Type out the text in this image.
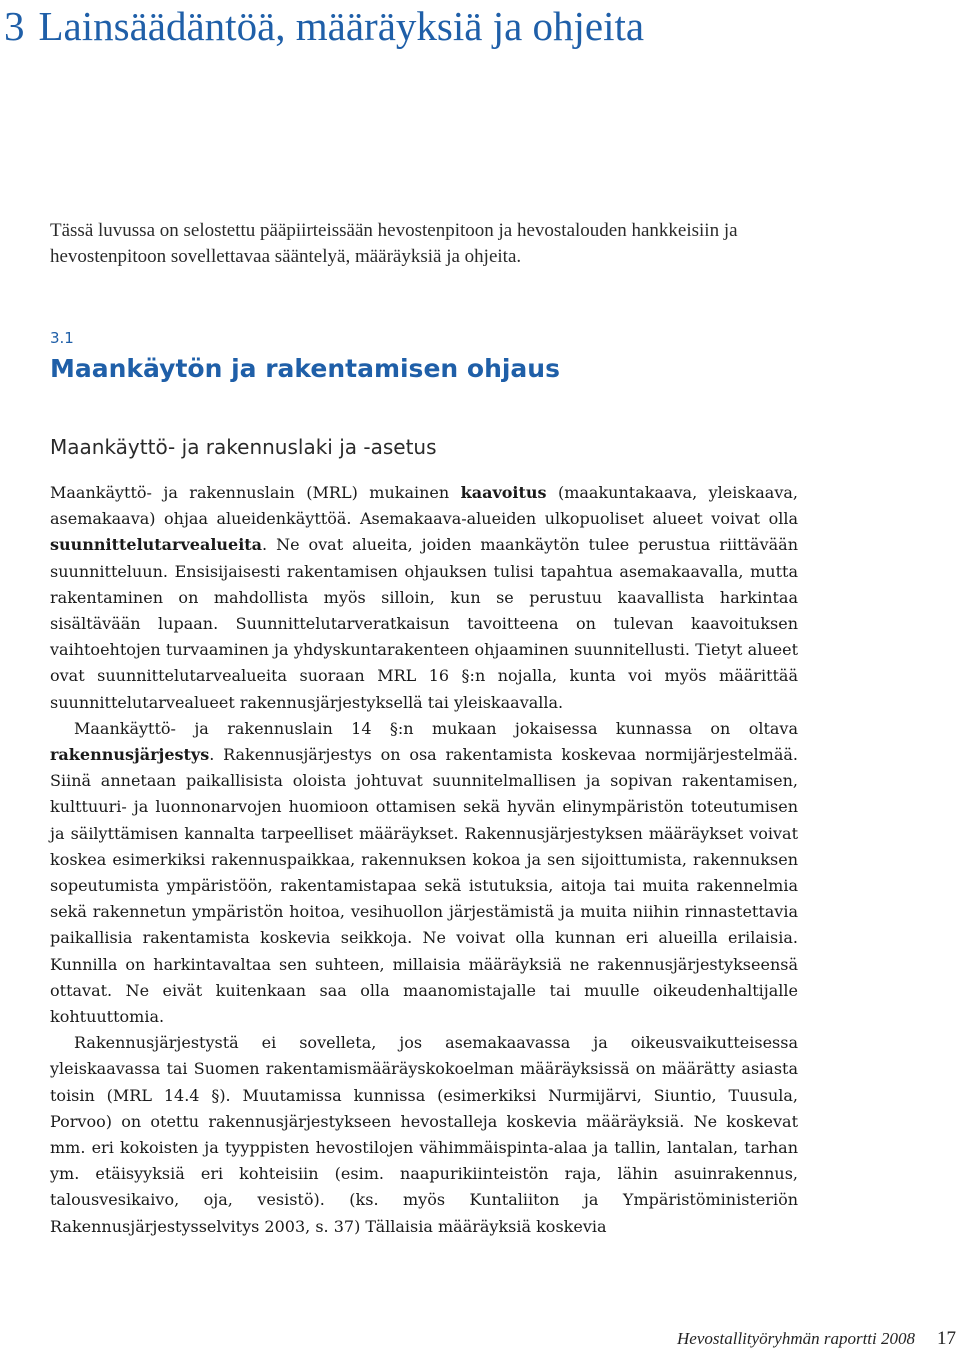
3 Lainsäädäntöä, määräyksiä ja ohjeita

Tässä luvussa on selostettu pääpiirteissään hevostenpitoon ja hevostalouden hankkeisiin ja hevostenpitoon sovellettavaa sääntelyä, määräyksiä ja ohjeita.

3.1
Maankäytön ja rakentamisen ohjaus
Maankäyttö- ja rakennuslaki ja -asetus

Maankäyttö- ja rakennuslain (MRL) mukainen kaavoitus (maakuntakaava, yleiskaava, asemakaava) ohjaa alueidenkäyttöä. Asemakaava-alueiden ulkopuoliset alueet voivat olla suunnittelutarvealueita. Ne ovat alueita, joiden maankäytön tulee perustua riittävään suunnitteluun. Ensisijaisesti rakentamisen ohjauksen tulisi tapahtua asemakaavalla, mutta rakentaminen on mahdollista myös silloin, kun se perustuu kaavallista harkintaa sisältävään lupaan. Suunnittelutarveratkaisun tavoitteena on tulevan kaavoituksen vaihtoehtojen turvaaminen ja yhdyskuntarakenteen ohjaaminen suunnitellusti. Tietyt alueet ovat suunnittelutarvealueita suoraan MRL 16 §:n nojalla, kunta voi myös määrittää suunnittelutarvealueet rakennusjärjestyksellä tai yleiskaavalla.

Maankäyttö- ja rakennuslain 14 §:n mukaan jokaisessa kunnassa on oltava rakennusjärjestys. Rakennusjärjestys on osa rakentamista koskevaa normijärjestelmää. Siinä annetaan paikallisista oloista johtuvat suunnitelmallisen ja sopivan rakentamisen, kulttuuri- ja luonnonarvojen huomioon ottamisen sekä hyvän elinympäristön toteutumisen ja säilyttämisen kannalta tarpeelliset määräykset. Rakennusjärjestyksen määräykset voivat koskea esimerkiksi rakennuspaikkaa, rakennuksen kokoa ja sen sijoittumista, rakennuksen sopeutumista ympäristöön, rakentamistapaa sekä istutuksia, aitoja tai muita rakennelmia sekä rakennetun ympäristön hoitoa, vesihuollon järjestämistä ja muita niihin rinnastettavia paikallisia rakentamista koskevia seikkoja. Ne voivat olla kunnan eri alueilla erilaisia. Kunnilla on harkintavaltaa sen suhteen, millaisia määräyksiä ne rakennusjärjestykseensä ottavat. Ne eivät kuitenkaan saa olla maanomistajalle tai muulle oikeudenhaltijalle kohtuuttomia.

Rakennusjärjestystä ei sovelleta, jos asemakaavassa ja oikeusvaikutteisessa yleiskaavassa tai Suomen rakentamismääräyskokoelman määräyksissä on määrätty asiasta toisin (MRL 14.4 §). Muutamissa kunnissa (esimerkiksi Nurmijärvi, Siuntio, Tuusula, Porvoo) on otettu rakennusjärjestykseen hevostalleja koskevia määräyksiä. Ne koskevat mm. eri kokoisten ja tyyppisten hevostilojen vähimmäispinta-alaa ja tallin, lantalan, tarhan ym. etäisyyksiä eri kohteisiin (esim. naapurikiinteistön raja, lähin asuinrakennus, talousvesikaivo, oja, vesistö). (ks. myös Kuntaliiton ja Ympäristöministeriön Rakennusjärjestysselvitys 2003, s. 37) Tällaisia määräyksiä koskevia

Hevostallityöryhmän raportti 2008 17
